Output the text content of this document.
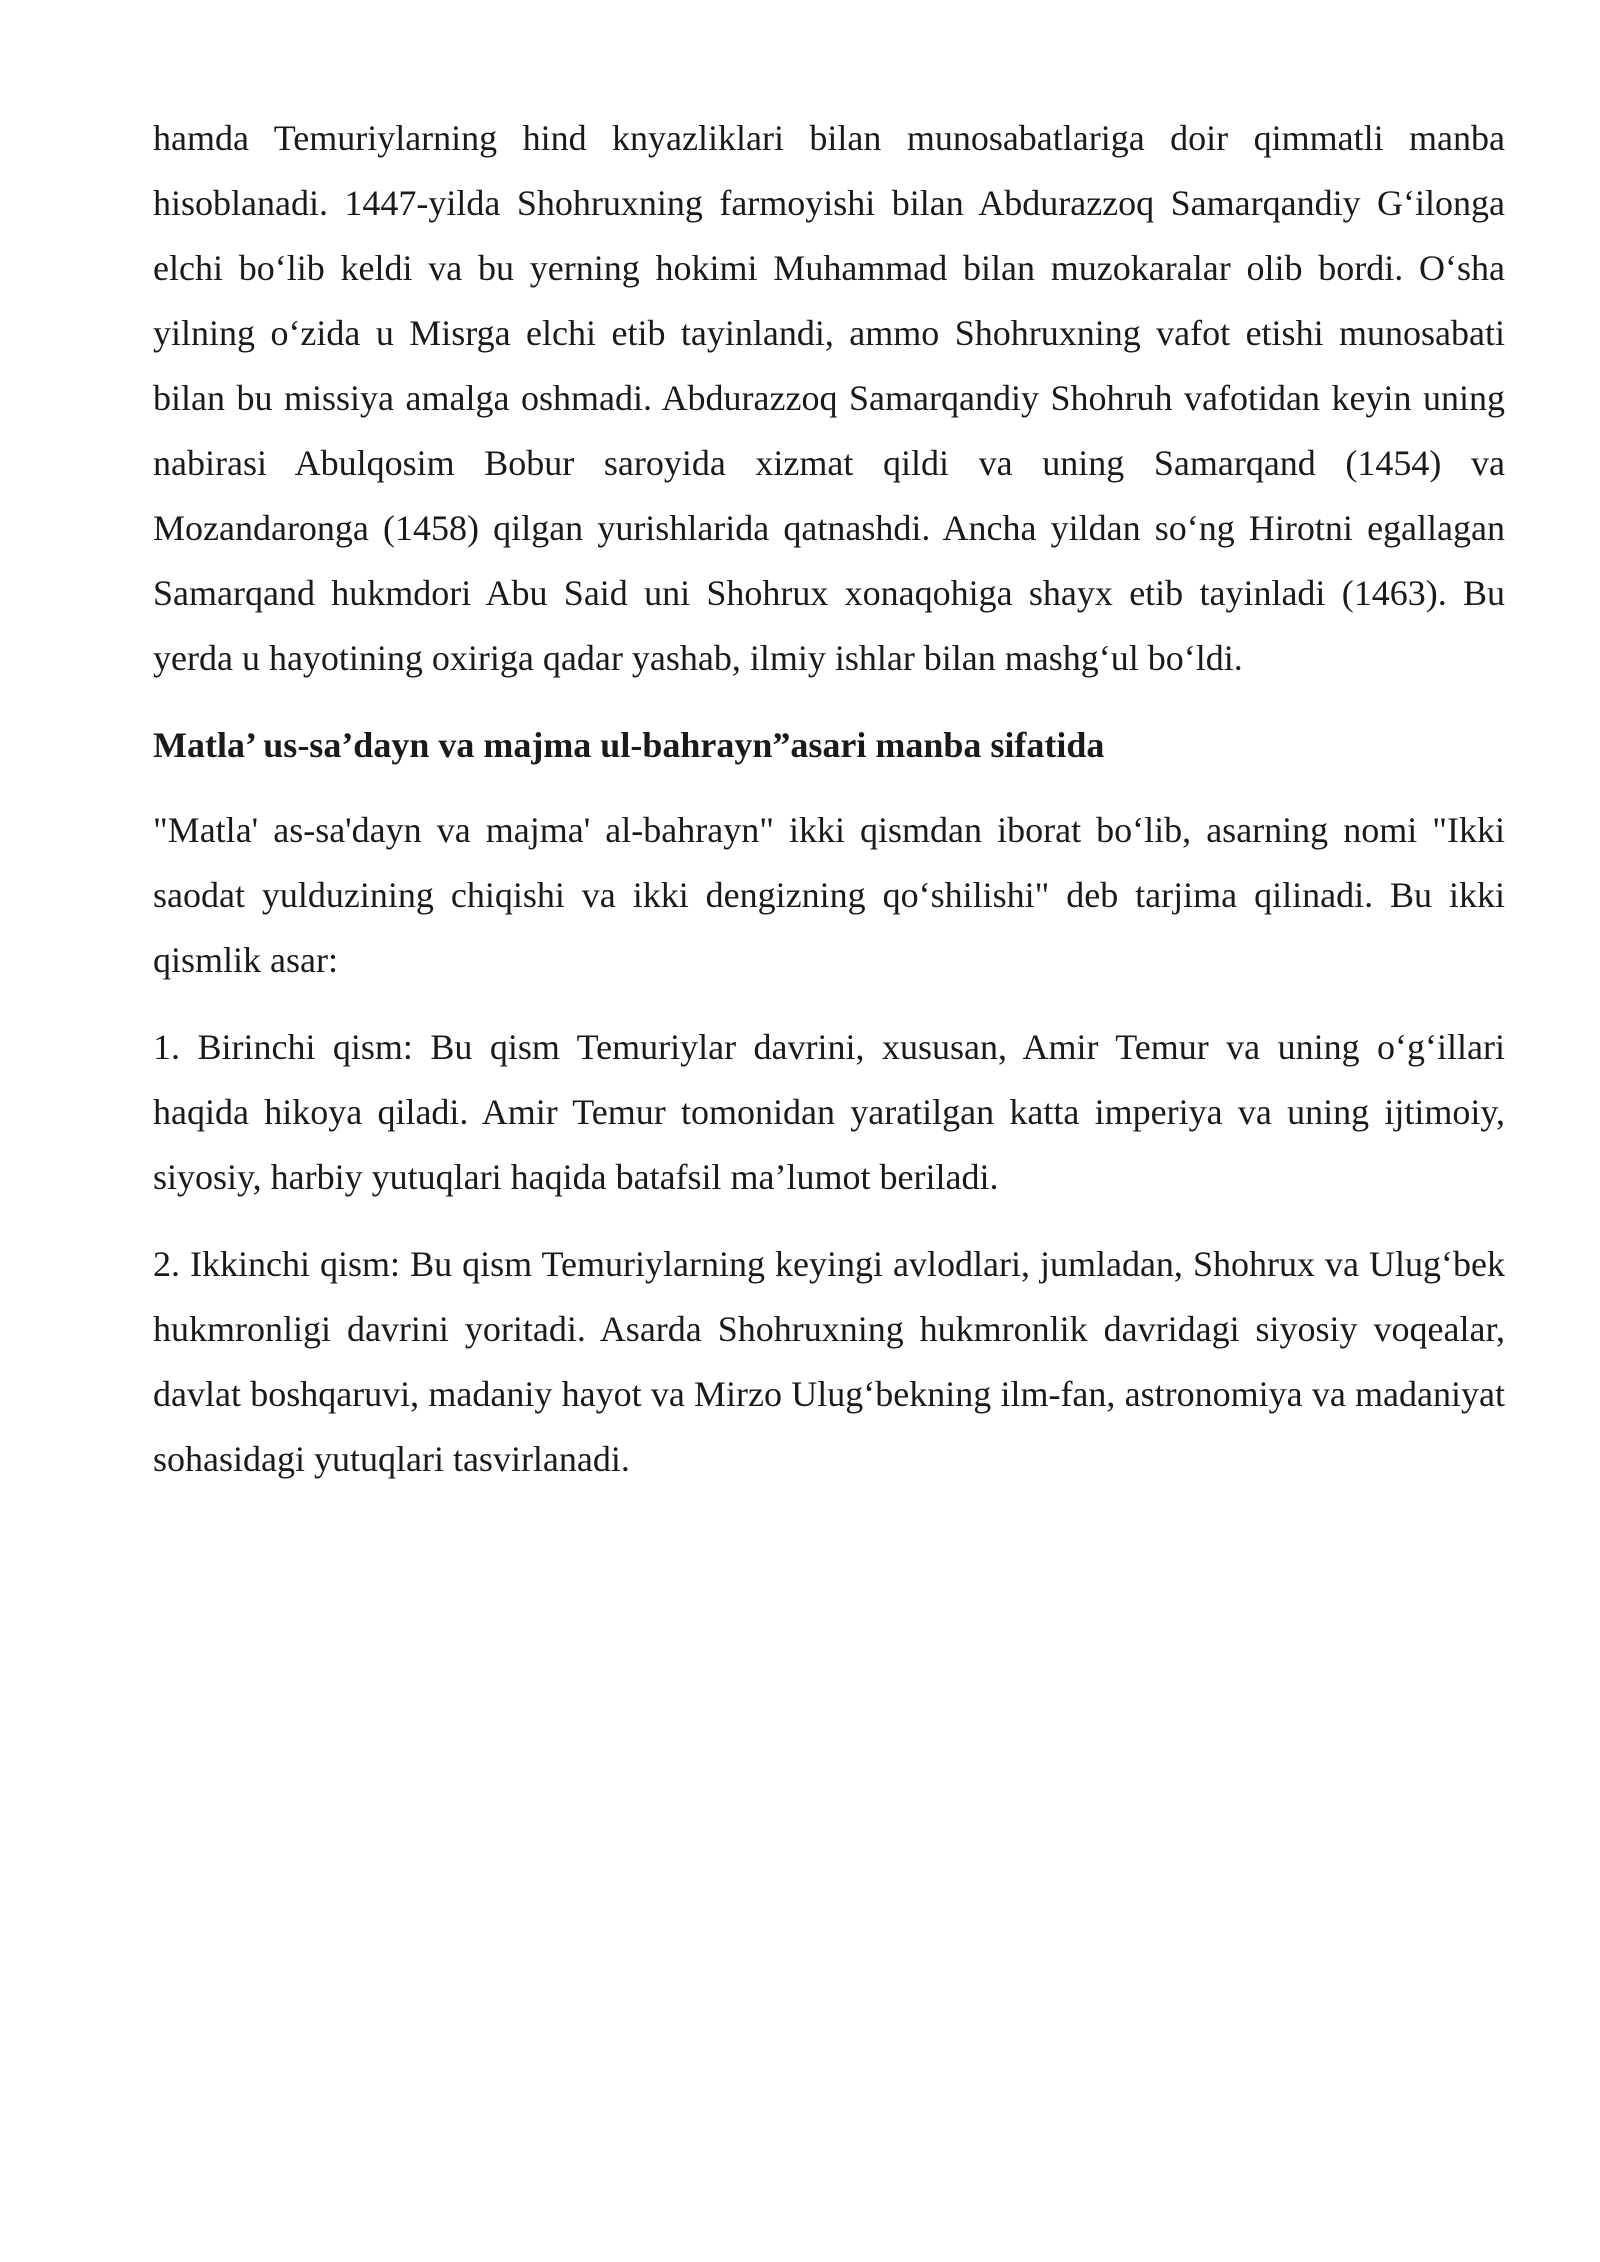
hamda Temuriylarning hind knyazliklari bilan munosabatlariga doir qimmatli manba hisoblanadi. 1447-yilda Shohruxning farmoyishi bilan Abdurazzoq Samarqandiy G‘ilonga elchi bo‘lib keldi va bu yerning hokimi Muhammad bilan muzokaralar olib bordi. O‘sha yilning o‘zida u Misrga elchi etib tayinlandi, ammo Shohruxning vafot etishi munosabati bilan bu missiya amalga oshmadi. Abdurazzoq Samarqandiy Shohruh vafotidan keyin uning nabirasi Abulqosim Bobur saroyida xizmat qildi va uning Samarqand (1454) va Mozandaronga (1458) qilgan yurishlarida qatnashdi. Ancha yildan so‘ng Hirotni egallagan Samarqand hukmdori Abu Said uni Shohrux xonaqohiga shayx etib tayinladi (1463). Bu yerda u hayotining oxiriga qadar yashab, ilmiy ishlar bilan mashg‘ul bo‘ldi.

Matla’ us-sa’dayn va majma ul-bahrayn”asari manba sifatida

"Matla' as-sa'dayn va majma' al-bahrayn" ikki qismdan iborat bo‘lib, asarning nomi "Ikki saodat yulduzining chiqishi va ikki dengizning qo‘shilishi" deb tarjima qilinadi. Bu ikki qismlik asar:

1. Birinchi qism: Bu qism Temuriylar davrini, xususan, Amir Temur va uning o‘g‘illari haqida hikoya qiladi. Amir Temur tomonidan yaratilgan katta imperiya va uning ijtimoiy, siyosiy, harbiy yutuqlari haqida batafsil ma’lumot beriladi.

2. Ikkinchi qism: Bu qism Temuriylarning keyingi avlodlari, jumladan, Shohrux va Ulug‘bek hukmronligi davrini yoritadi. Asarda Shohruxning hukmronlik davridagi siyosiy voqealar, davlat boshqaruvi, madaniy hayot va Mirzo Ulug‘bekning ilm-fan, astronomiya va madaniyat sohasidagi yutuqlari tasvirlanadi.
